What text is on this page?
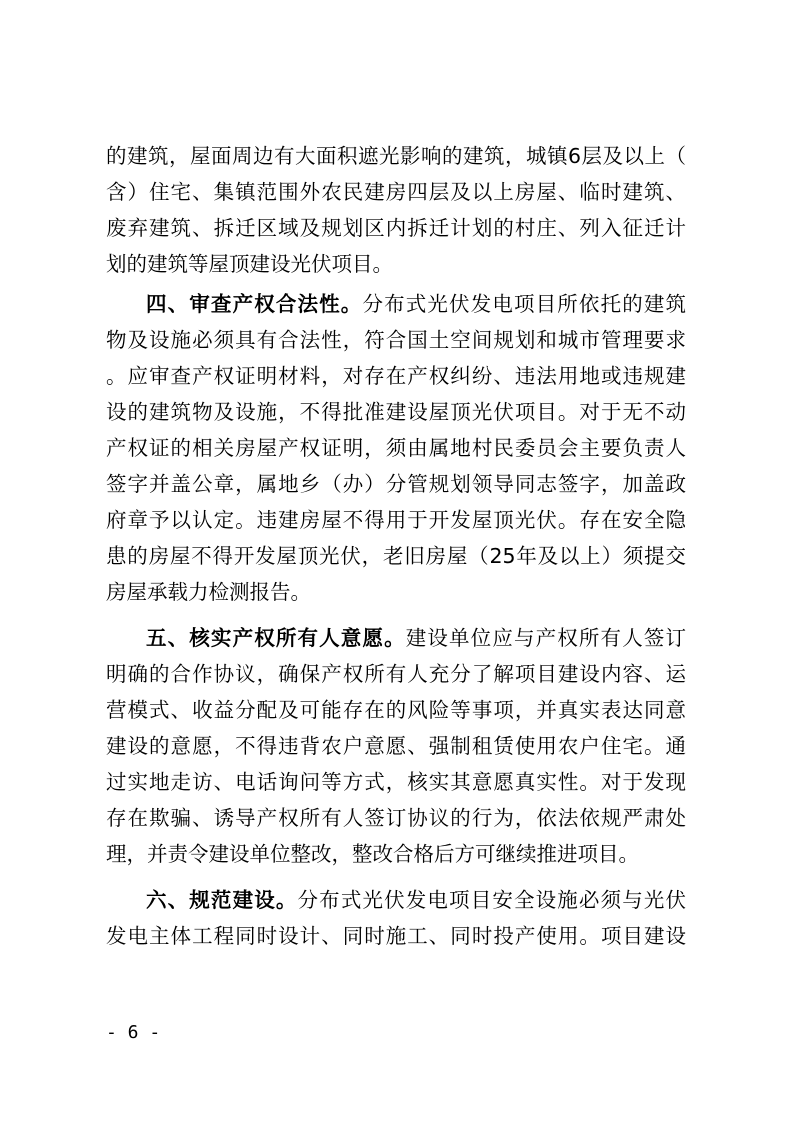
的建筑，屋面周边有大面积遮光影响的建筑，城镇6层及以上（
含）住宅、集镇范围外农民建房四层及以上房屋、临时建筑、
废弃建筑、拆迁区域及规划区内拆迁计划的村庄、列入征迁计
划的建筑等屋顶建设光伏项目。
四、审查产权合法性。分布式光伏发电项目所依托的建筑
物及设施必须具有合法性，符合国土空间规划和城市管理要求
。应审查产权证明材料，对存在产权纠纷、违法用地或违规建
设的建筑物及设施，不得批准建设屋顶光伏项目。对于无不动
产权证的相关房屋产权证明，须由属地村民委员会主要负责人
签字并盖公章，属地乡（办）分管规划领导同志签字，加盖政
府章予以认定。违建房屋不得用于开发屋顶光伏。存在安全隐
患的房屋不得开发屋顶光伏，老旧房屋（25年及以上）须提交
房屋承载力检测报告。
五、核实产权所有人意愿。建设单位应与产权所有人签订
明确的合作协议，确保产权所有人充分了解项目建设内容、运
营模式、收益分配及可能存在的风险等事项，并真实表达同意
建设的意愿，不得违背农户意愿、强制租赁使用农户住宅。通
过实地走访、电话询问等方式，核实其意愿真实性。对于发现
存在欺骗、诱导产权所有人签订协议的行为，依法依规严肃处
理，并责令建设单位整改，整改合格后方可继续推进项目。
六、规范建设。分布式光伏发电项目安全设施必须与光伏
发电主体工程同时设计、同时施工、同时投产使用。项目建设
- 6 -
